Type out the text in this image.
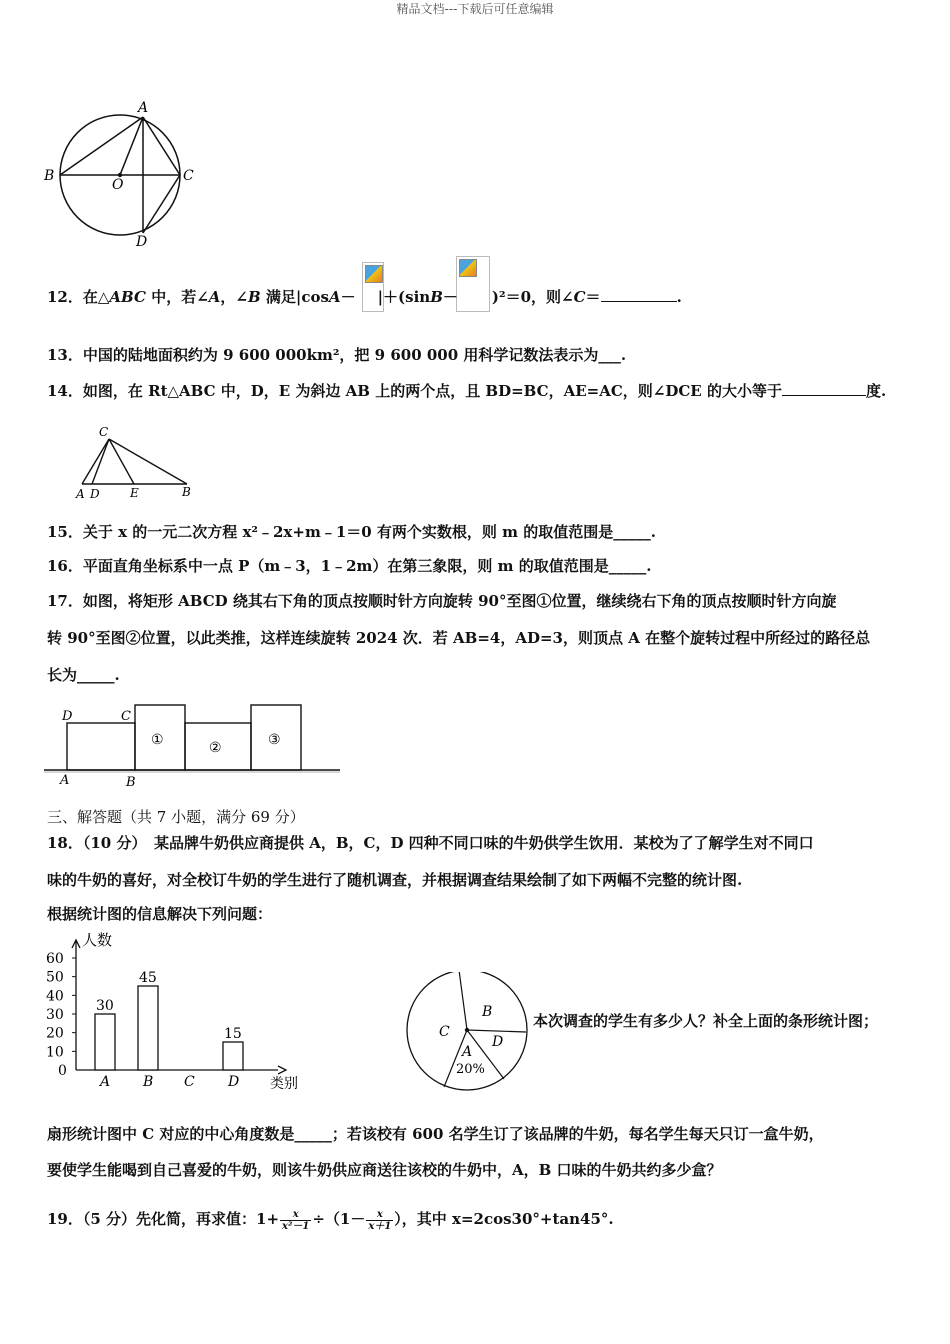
精品文档---下载后可任意编辑
A
B
O
C
D
12．在△ABC 中，若∠A，∠B 满足|cosA－ |＋(sinB－ )²＝0，则∠C＝	.
13．中国的陆地面积约为 9 600 000km²，把 9 600 000 用科学记数法表示为___.
14．如图，在 Rt△ABC 中，D，E 为斜边 AB 上的两个点，且 BD=BC，AE=AC，则∠DCE 的大小等于	度.
C
A D	E	B
15．关于 x 的一元二次方程 x²﹣2x+m﹣1＝0 有两个实数根，则 m 的取值范围是_____.
16．平面直角坐标系中一点 P（m﹣3，1﹣2m）在第三象限，则 m 的取值范围是_____.
17．如图，将矩形 ABCD 绕其右下角的顶点按顺时针方向旋转 90°至图①位置，继续绕右下角的顶点按顺时针方向旋
转 90°至图②位置，以此类推，这样连续旋转 2024 次．若 AB=4，AD=3，则顶点 A 在整个旋转过程中所经过的路径总
长为_____.
D	C
A	B
①	②	③
三、解答题（共 7 小题，满分 69 分）
18．（10 分）　某品牌牛奶供应商提供 A，B，C，D 四种不同口味的牛奶供学生饮用．某校为了了解学生对不同口
味的牛奶的喜好，对全校订牛奶的学生进行了随机调查，并根据调查结果绘制了如下两幅不完整的统计图.
根据统计图的信息解决下列问题：
人数
类别
0
10
20
30
40
50
60
30
A
45
B C
15
D
B
C
A
D
20%
本次调查的学生有多少人？补全上面的条形统计图；
扇形统计图中 C 对应的中心角度数是_____；若该校有 600 名学生订了该品牌的牛奶，每名学生每天只订一盒牛奶，
要使学生能喝到自己喜爱的牛奶，则该牛奶供应商送往该校的牛奶中，A，B 口味的牛奶共约多少盒？
19．（5 分）先化简，再求值：$1+ \frac{x}{\text{x²－1}} \div(1- \frac{x}{x+1}$ ），其中 x=2cos30°+tan45°.
